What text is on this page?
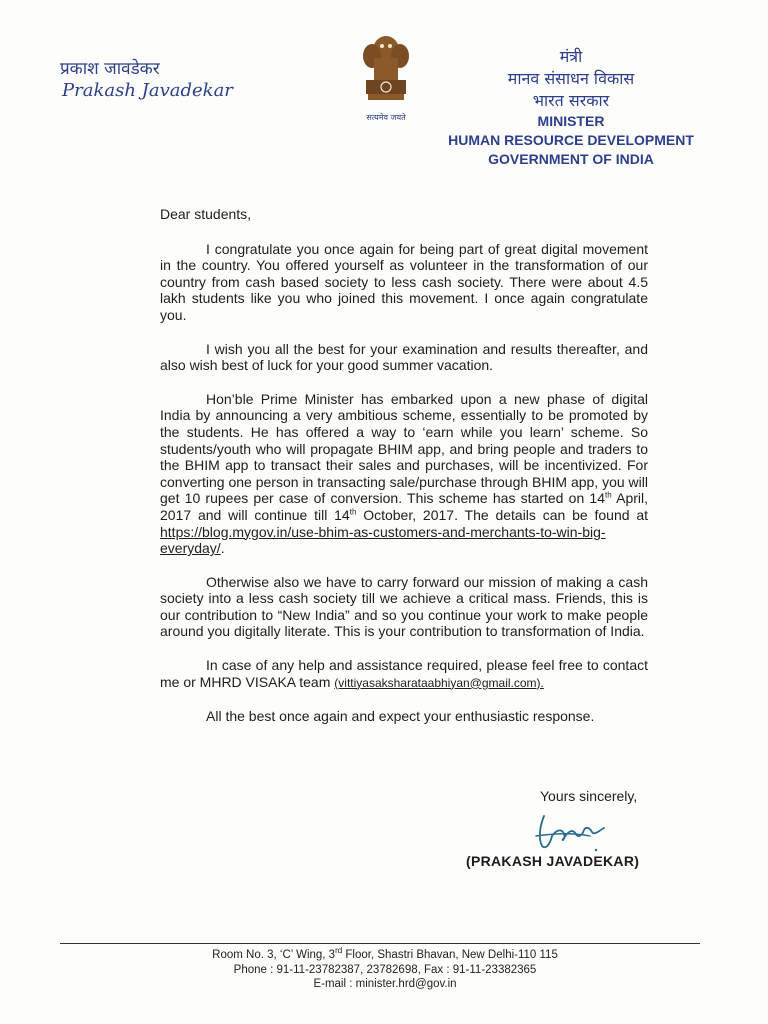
प्रकाश जावडेकर
Prakash Javadekar
सत्यमेव जयते
मंत्री
मानव संसाधन विकास
भारत सरकार
MINISTER
HUMAN RESOURCE DEVELOPMENT
GOVERNMENT OF INDIA

Dear students,

I congratulate you once again for being part of great digital movement in the country. You offered yourself as volunteer in the transformation of our country from cash based society to less cash society. There were about 4.5 lakh students like you who joined this movement. I once again congratulate you.

I wish you all the best for your examination and results thereafter, and also wish best of luck for your good summer vacation.

Hon’ble Prime Minister has embarked upon a new phase of digital India by announcing a very ambitious scheme, essentially to be promoted by the students. He has offered a way to ‘earn while you learn’ scheme. So students/youth who will propagate BHIM app, and bring people and traders to the BHIM app to transact their sales and purchases, will be incentivized. For converting one person in transacting sale/purchase through BHIM app, you will get 10 rupees per case of conversion. This scheme has started on 14th April, 2017 and will continue till 14th October, 2017. The details can be found at https://blog.mygov.in/use-bhim-as-customers-and-merchants-to-win-big-everyday/.

Otherwise also we have to carry forward our mission of making a cash society into a less cash society till we achieve a critical mass. Friends, this is our contribution to “New India” and so you continue your work to make people around you digitally literate. This is your contribution to transformation of India.

In case of any help and assistance required, please feel free to contact me or MHRD VISAKA team (vittiyasaksharataabhiyan@gmail.com).

All the best once again and expect your enthusiastic response.

Yours sincerely,
(PRAKASH JAVADEKAR)
Room No. 3, ‘C’ Wing, 3rd Floor, Shastri Bhavan, New Delhi-110 115
Phone : 91-11-23782387, 23782698, Fax : 91-11-23382365
E-mail : minister.hrd@gov.in
